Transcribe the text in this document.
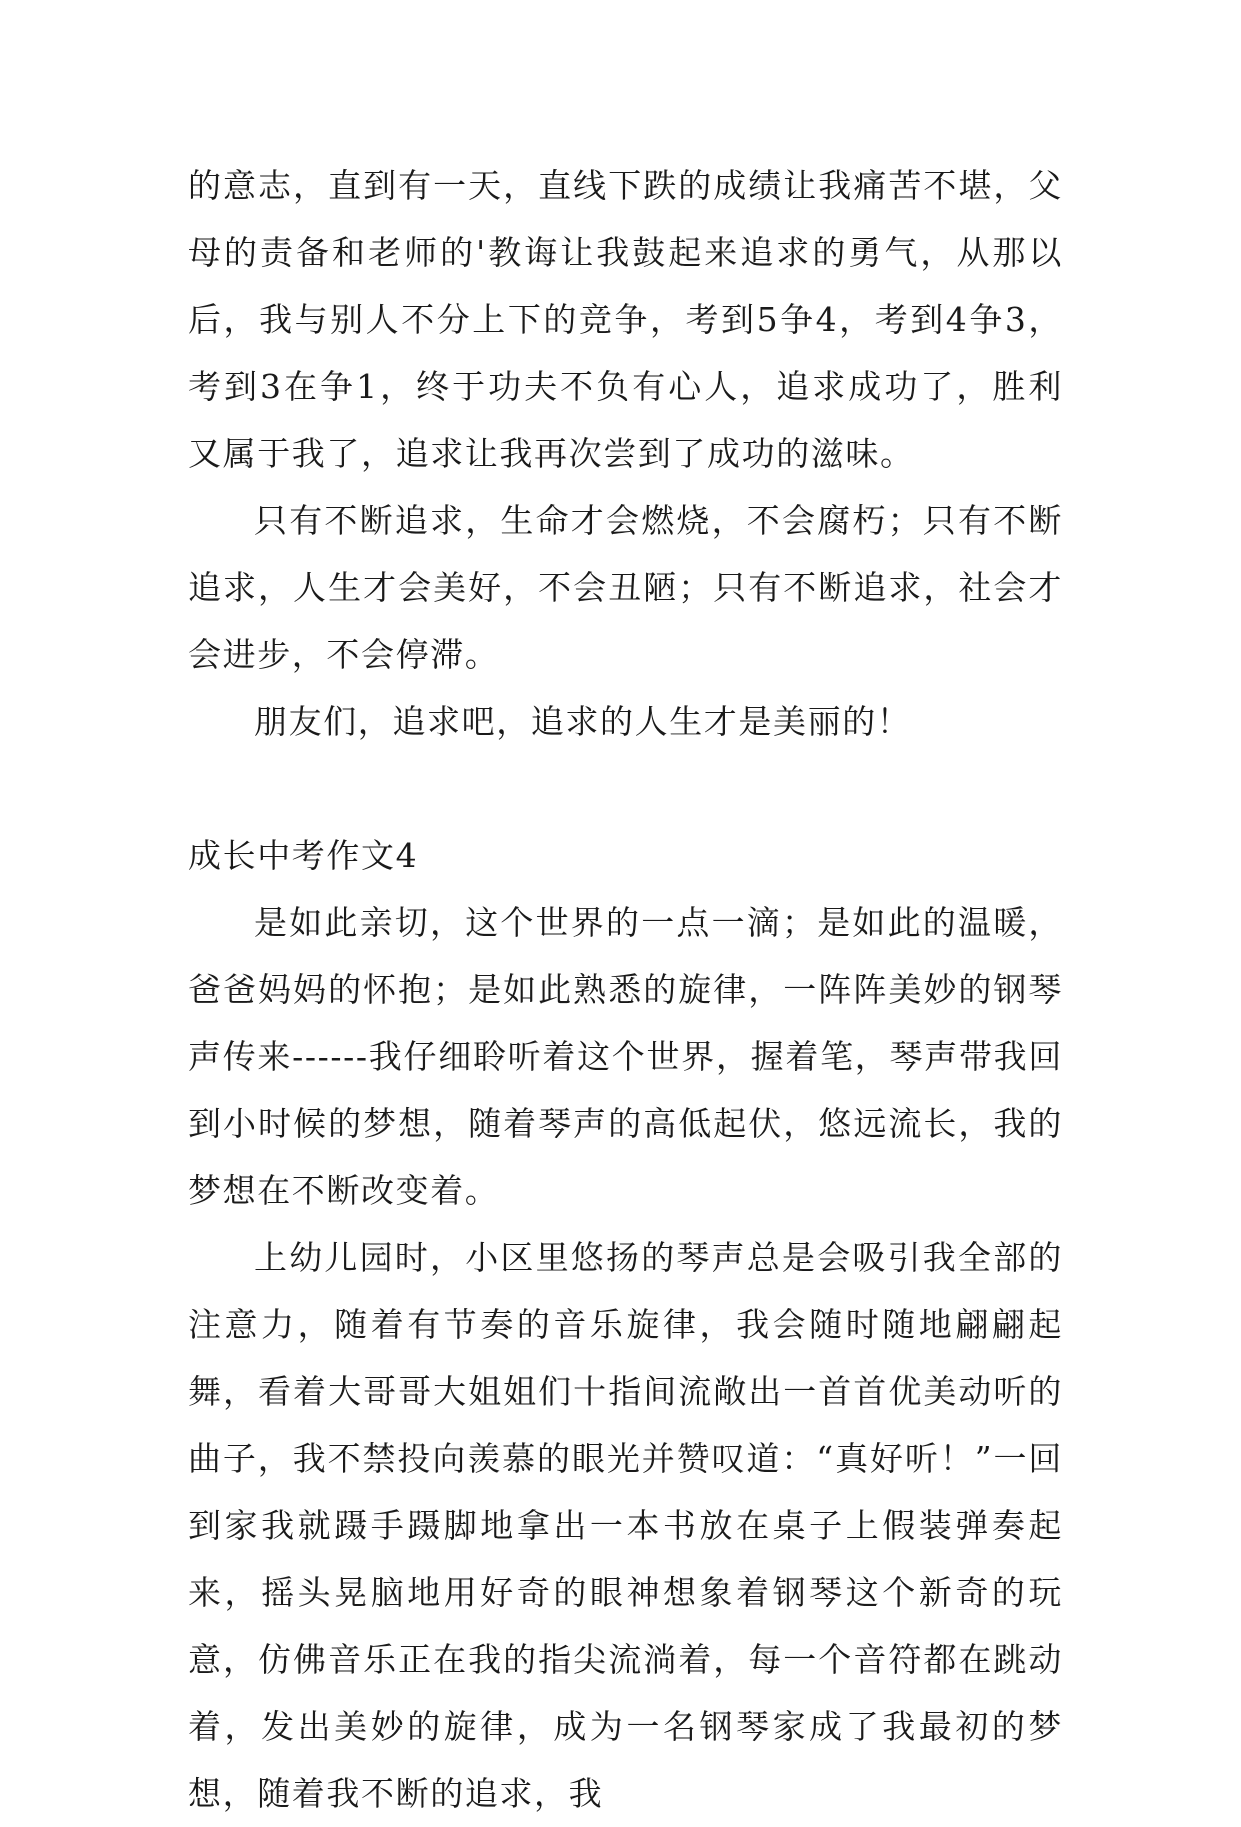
的意志，直到有一天，直线下跌的成绩让我痛苦不堪，父母的责备和老师的'教诲让我鼓起来追求的勇气，从那以后，我与别人不分上下的竞争，考到5争4，考到4争3，考到3在争1，终于功夫不负有心人，追求成功了，胜利又属于我了，追求让我再次尝到了成功的滋味。

只有不断追求，生命才会燃烧，不会腐朽；只有不断追求，人生才会美好，不会丑陋；只有不断追求，社会才会进步，不会停滞。

朋友们，追求吧，追求的人生才是美丽的！

成长中考作文4

是如此亲切，这个世界的一点一滴；是如此的温暖，爸爸妈妈的怀抱；是如此熟悉的旋律，一阵阵美妙的钢琴声传来------我仔细聆听着这个世界，握着笔，琴声带我回到小时候的梦想，随着琴声的高低起伏，悠远流长，我的梦想在不断改变着。

上幼儿园时，小区里悠扬的琴声总是会吸引我全部的注意力，随着有节奏的音乐旋律，我会随时随地翩翩起舞，看着大哥哥大姐姐们十指间流敞出一首首优美动听的曲子，我不禁投向羡慕的眼光并赞叹道：“真好听！”一回到家我就蹑手蹑脚地拿出一本书放在桌子上假装弹奏起来，摇头晃脑地用好奇的眼神想象着钢琴这个新奇的玩意，仿佛音乐正在我的指尖流淌着，每一个音符都在跳动着，发出美妙的旋律，成为一名钢琴家成了我最初的梦想，随着我不断的追求，我
